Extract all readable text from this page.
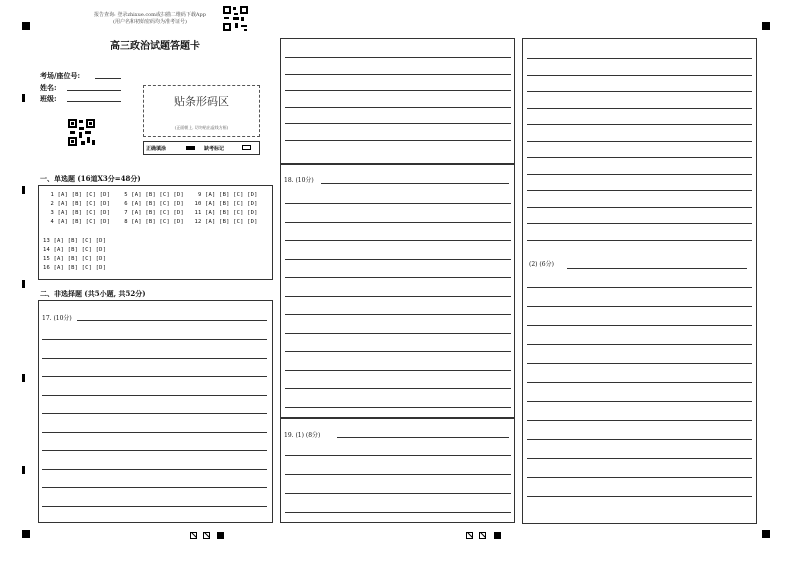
报告查询: 登录zhixue.com或扫描二维码下载App
(用户名和初始密码均为准考证号)
高三政治试题答题卡
考场/座位号:
姓名:
班级:	贴条形码区
(正面朝上, 切勿贴出虚线方框)
正确填涂	缺考标记
一、单选题 (16道X3分=48分)
1 [A] [B] [C] [D]    5 [A] [B] [C] [D]    9 [A] [B] [C] [D]
2 [A] [B] [C] [D]    6 [A] [B] [C] [D]   10 [A] [B] [C] [D]
3 [A] [B] [C] [D]    7 [A] [B] [C] [D]   11 [A] [B] [C] [D]
4 [A] [B] [C] [D]    8 [A] [B] [C] [D]   12 [A] [B] [C] [D]
13 [A] [B] [C] [D]
14 [A] [B] [C] [D]
15 [A] [B] [C] [D]
16 [A] [B] [C] [D]
二、非选择题 (共5小题, 共52分)
17. (10分)
18. (10分)
19. (1) (8分)
(2) (6分)
